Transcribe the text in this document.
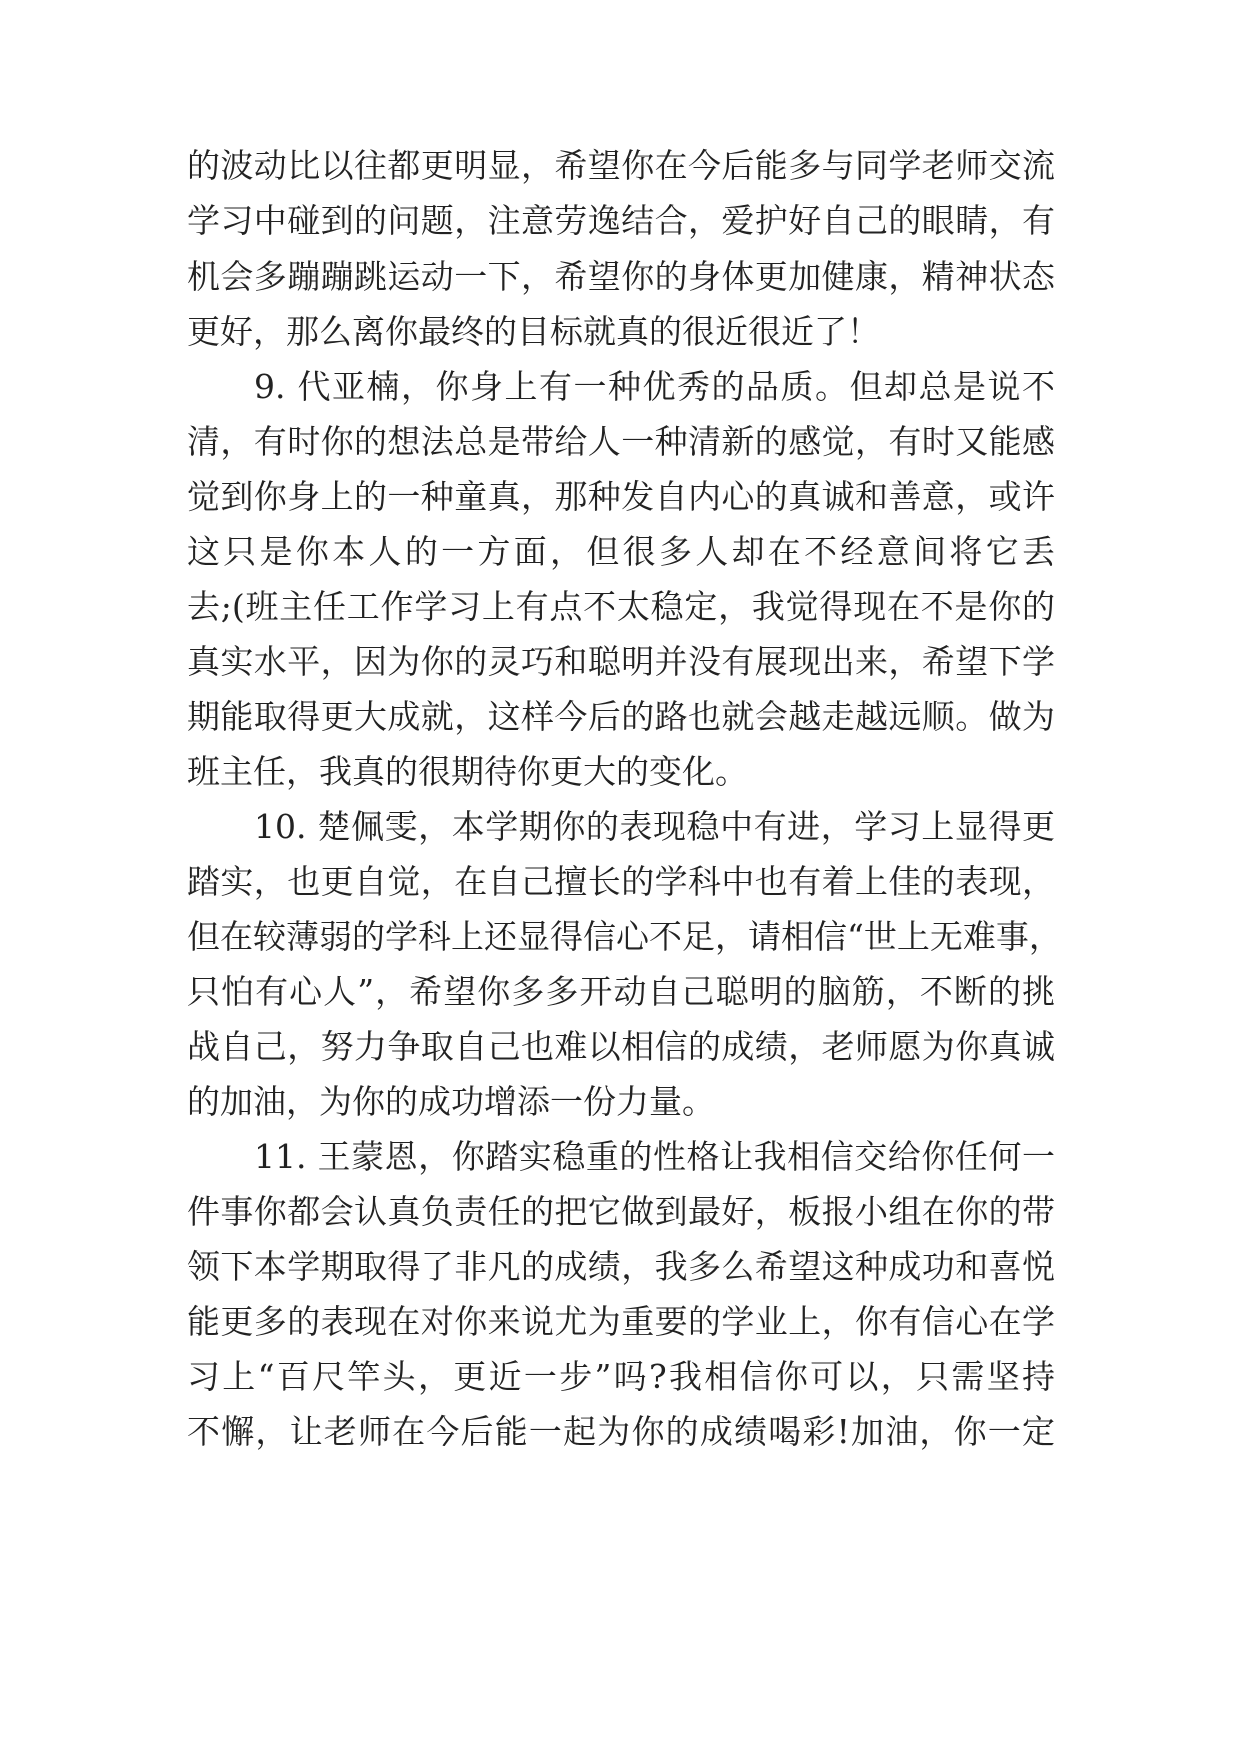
的波动比以往都更明显，希望你在今后能多与同学老师交流
学习中碰到的问题，注意劳逸结合，爱护好自己的眼睛，有
机会多蹦蹦跳运动一下，希望你的身体更加健康，精神状态
更好，那么离你最终的目标就真的很近很近了！
9. 代亚楠，你身上有一种优秀的品质。但却总是说不
清，有时你的想法总是带给人一种清新的感觉，有时又能感
觉到你身上的一种童真，那种发自内心的真诚和善意，或许
这只是你本人的一方面，但很多人却在不经意间将它丢
去;(班主任工作学习上有点不太稳定，我觉得现在不是你的
真实水平，因为你的灵巧和聪明并没有展现出来，希望下学
期能取得更大成就，这样今后的路也就会越走越远顺。做为
班主任，我真的很期待你更大的变化。
10. 楚佩雯，本学期你的表现稳中有进，学习上显得更
踏实，也更自觉，在自己擅长的学科中也有着上佳的表现，
但在较薄弱的学科上还显得信心不足，请相信“世上无难事，
只怕有心人”，希望你多多开动自己聪明的脑筋，不断的挑
战自己，努力争取自己也难以相信的成绩，老师愿为你真诚
的加油，为你的成功增添一份力量。
11. 王蒙恩，你踏实稳重的性格让我相信交给你任何一
件事你都会认真负责任的把它做到最好，板报小组在你的带
领下本学期取得了非凡的成绩，我多么希望这种成功和喜悦
能更多的表现在对你来说尤为重要的学业上，你有信心在学
习上“百尺竿头，更近一步”吗?我相信你可以，只需坚持
不懈，让老师在今后能一起为你的成绩喝彩!加油，你一定
